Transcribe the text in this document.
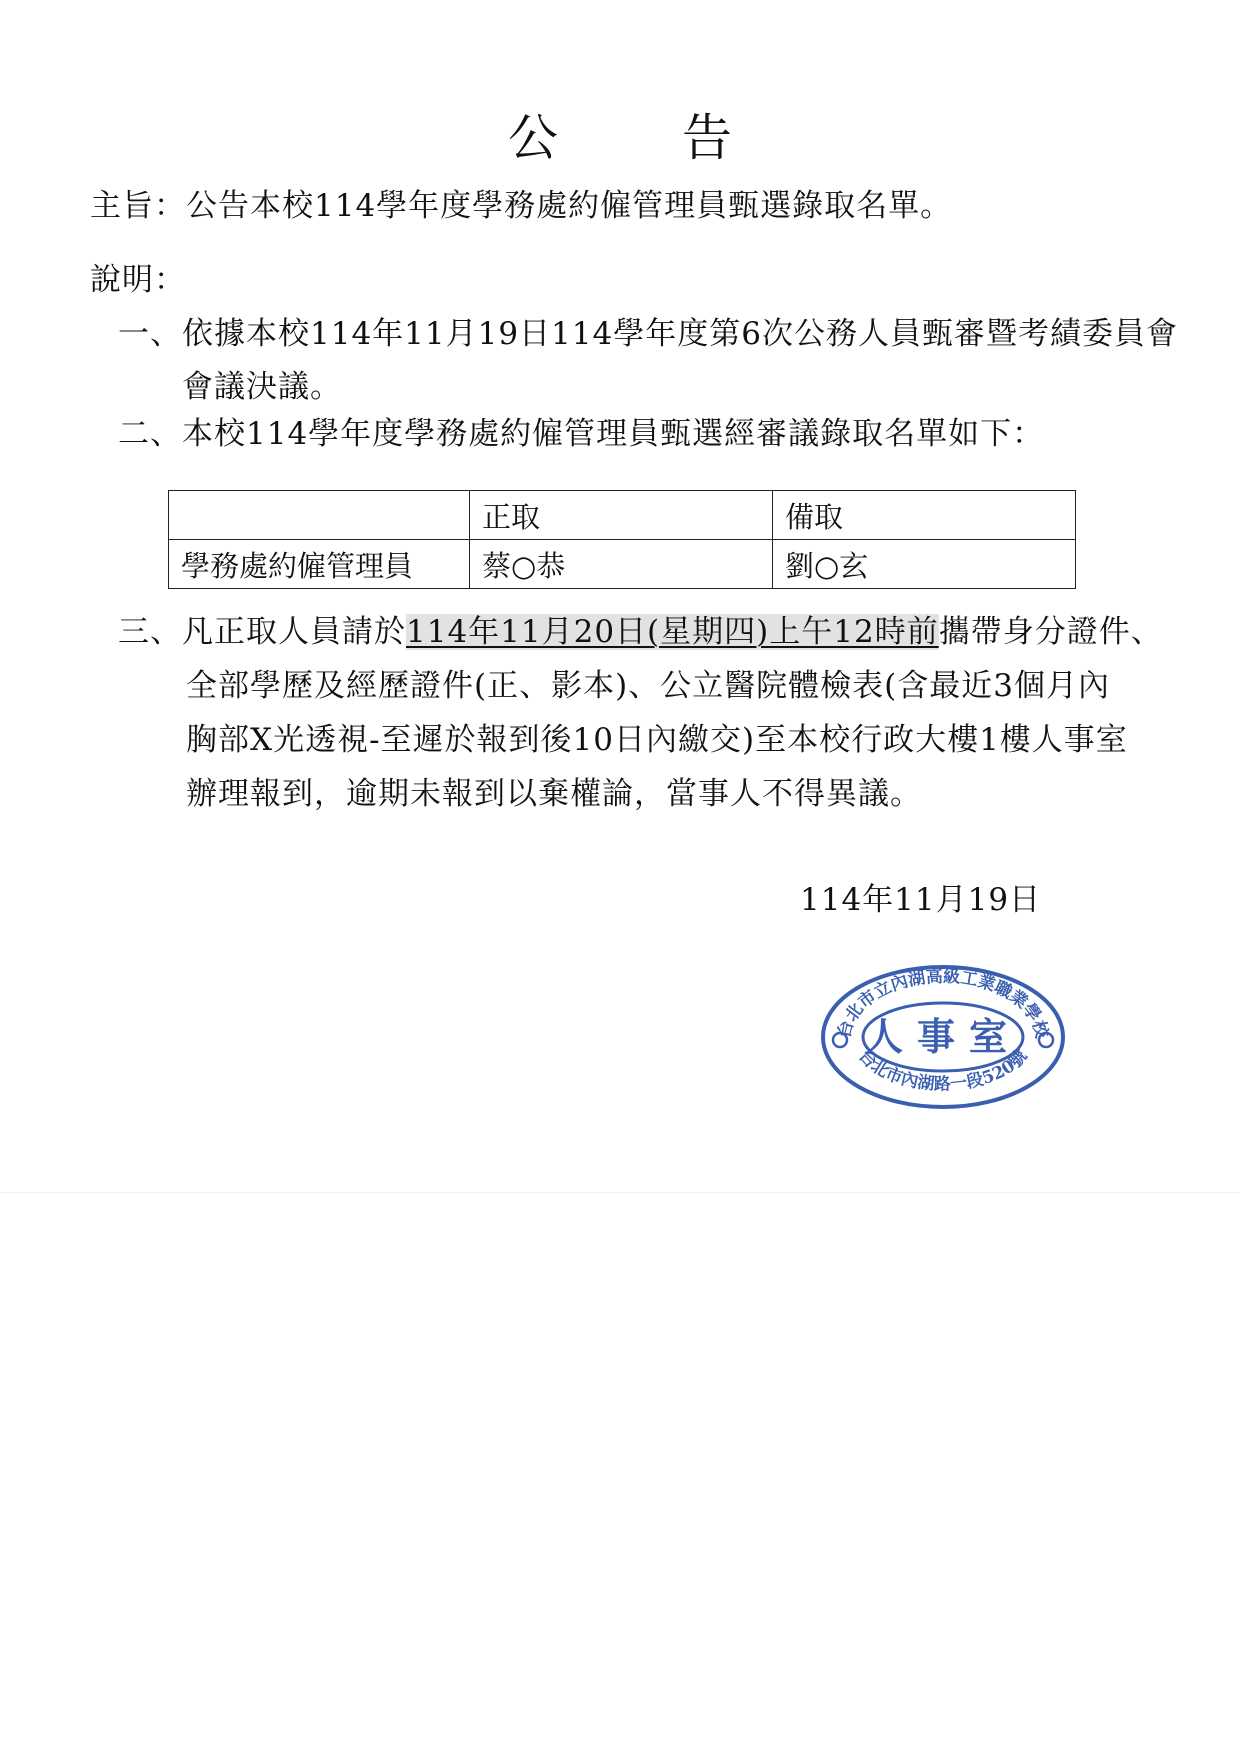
公 告
主旨：公告本校114學年度學務處約僱管理員甄選錄取名單。
說明：
一、依據本校114年11月19日114學年度第6次公務人員甄審暨考績委員會
會議決議。
二、本校114學年度學務處約僱管理員甄選經審議錄取名單如下：
	正取	備取
學務處約僱管理員	蔡○恭	劉○玄
三、凡正取人員請於114年11月20日(星期四)上午12時前攜帶身分證件、
全部學歷及經歷證件(正、影本)、公立醫院體檢表(含最近3個月內
胸部X光透視-至遲於報到後10日內繳交)至本校行政大樓1樓人事室
辦理報到，逾期未報到以棄權論，當事人不得異議。
114年11月19日
台北市立內湖高級工業職業學校
人事室
台北市內湖路一段520號
